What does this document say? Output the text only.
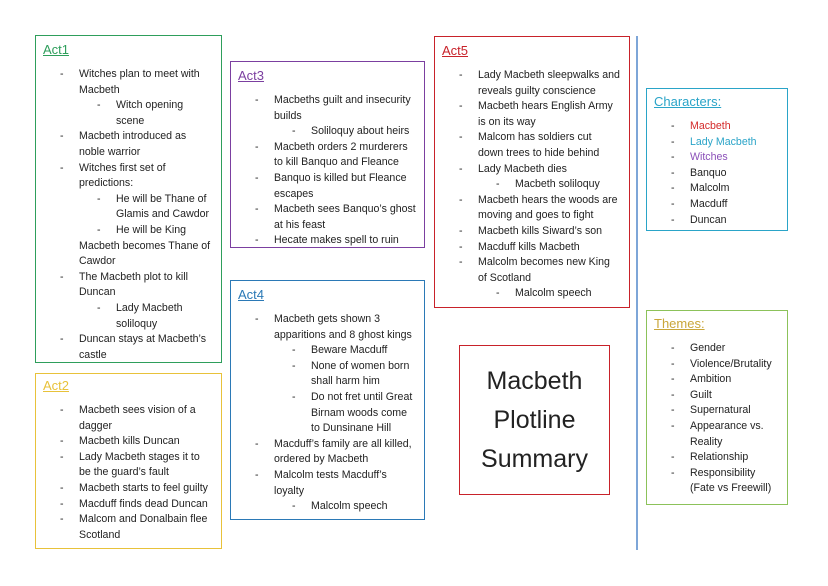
Act1
- Witches plan to meet with
Macbeth
- Witch opening
scene
- Macbeth introduced as
noble warrior
- Witches first set of
predictions:
- He will be Thane of
Glamis and Cawdor
- He will be King
Macbeth becomes Thane of
Cawdor
- The Macbeth plot to kill
Duncan
- Lady Macbeth
soliloquy
- Duncan stays at Macbeth’s
castle
Act2
- Macbeth sees vision of a
dagger
- Macbeth kills Duncan
- Lady Macbeth stages it to
be the guard’s fault
- Macbeth starts to feel guilty
- Macduff finds dead Duncan
- Malcom and Donalbain flee
Scotland
Act3
- Macbeths guilt and insecurity
builds
- Soliloquy about heirs
- Macbeth orders 2 murderers
to kill Banquo and Fleance
- Banquo is killed but Fleance
escapes
- Macbeth sees Banquo’s ghost
at his feast
- Hecate makes spell to ruin
Act4
- Macbeth gets shown 3
apparitions and 8 ghost kings
- Beware Macduff
- None of women born
shall harm him
- Do not fret until Great
Birnam woods come
to Dunsinane Hill
- Macduff’s family are all killed,
ordered by Macbeth
- Malcolm tests Macduff’s
loyalty
- Malcolm speech
Act5
- Lady Macbeth sleepwalks and
reveals guilty conscience
- Macbeth hears English Army
is on its way
- Malcom has soldiers cut
down trees to hide behind
- Lady Macbeth dies
- Macbeth soliloquy
- Macbeth hears the woods are
moving and goes to fight
- Macbeth kills Siward’s son
- Macduff kills Macbeth
- Malcolm becomes new King
of Scotland
- Malcolm speech
Macbeth
Plotline
Summary
Characters:
- Macbeth
- Lady Macbeth
- Witches
- Banquo
- Malcolm
- Macduff
- Duncan
Themes:
- Gender
- Violence/Brutality
- Ambition
- Guilt
- Supernatural
- Appearance vs.
Reality
- Relationship
- Responsibility
(Fate vs Freewill)
